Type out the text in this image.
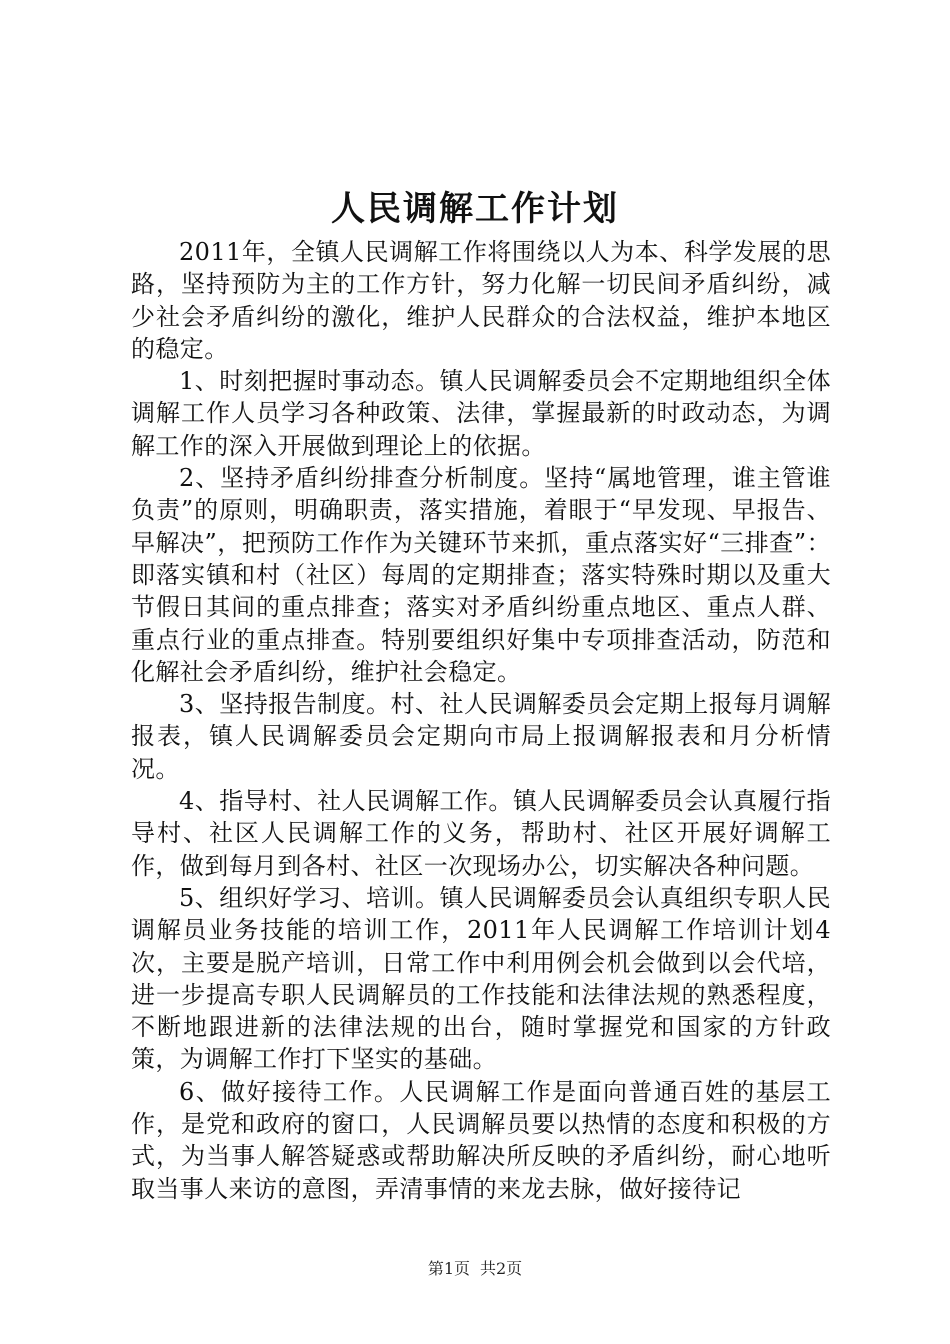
人民调解工作计划

2011年，全镇人民调解工作将围绕以人为本、科学发展的思路，坚持预防为主的工作方针，努力化解一切民间矛盾纠纷，减少社会矛盾纠纷的激化，维护人民群众的合法权益，维护本地区的稳定。

1、时刻把握时事动态。镇人民调解委员会不定期地组织全体调解工作人员学习各种政策、法律，掌握最新的时政动态，为调解工作的深入开展做到理论上的依据。

2、坚持矛盾纠纷排查分析制度。坚持“属地管理，谁主管谁负责”的原则，明确职责，落实措施，着眼于“早发现、早报告、早解决”，把预防工作作为关键环节来抓，重点落实好“三排查”：即落实镇和村（社区）每周的定期排查；落实特殊时期以及重大节假日其间的重点排查；落实对矛盾纠纷重点地区、重点人群、重点行业的重点排查。特别要组织好集中专项排查活动，防范和化解社会矛盾纠纷，维护社会稳定。

3、坚持报告制度。村、社人民调解委员会定期上报每月调解报表，镇人民调解委员会定期向市局上报调解报表和月分析情况。

4、指导村、社人民调解工作。镇人民调解委员会认真履行指导村、社区人民调解工作的义务，帮助村、社区开展好调解工作，做到每月到各村、社区一次现场办公，切实解决各种问题。

5、组织好学习、培训。镇人民调解委员会认真组织专职人民调解员业务技能的培训工作，2011年人民调解工作培训计划4次，主要是脱产培训，日常工作中利用例会机会做到以会代培，进一步提高专职人民调解员的工作技能和法律法规的熟悉程度，不断地跟进新的法律法规的出台，随时掌握党和国家的方针政策，为调解工作打下坚实的基础。

6、做好接待工作。人民调解工作是面向普通百姓的基层工作，是党和政府的窗口，人民调解员要以热情的态度和积极的方式，为当事人解答疑惑或帮助解决所反映的矛盾纠纷，耐心地听取当事人来访的意图，弄清事情的来龙去脉，做好接待记

第1页 共2页
